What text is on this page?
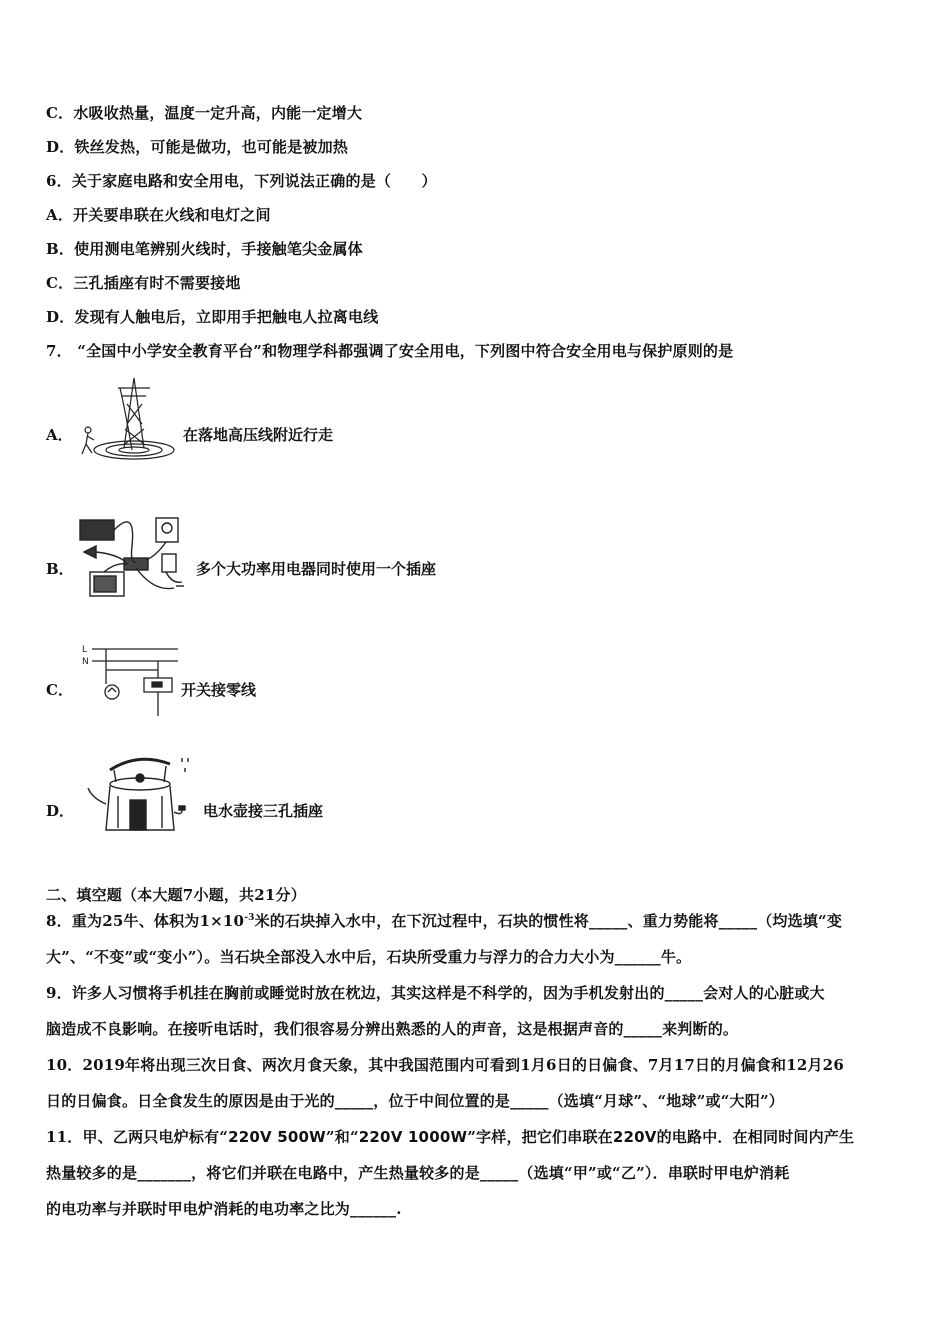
C．水吸收热量，温度一定升高，内能一定增大
D．铁丝发热，可能是做功，也可能是被加热
6．关于家庭电路和安全用电，下列说法正确的是（　　）
A．开关要串联在火线和电灯之间
B．使用测电笔辨别火线时，手接触笔尖金属体
C．三孔插座有时不需要接地
D．发现有人触电后，立即用手把触电人拉离电线
7． “全国中小学安全教育平台”和物理学科都强调了安全用电，下列图中符合安全用电与保护原则的是
A．	在落地高压线附近行走
B．	多个大功率用电器同时使用一个插座
C．
L
N
开关接零线
D．	电水壶接三孔插座
二、填空题（本大题7小题，共21分）
8．重为25牛、体积为$1\times 10^{-3}$米的石块掉入水中，在下沉过程中，石块的惯性将_____、重力势能将_____（均选填“变
大”、“不变”或“变小”）。当石块全部没入水中后，石块所受重力与浮力的合力大小为______牛。
9．许多人习惯将手机挂在胸前或睡觉时放在枕边，其实这样是不科学的，因为手机发射出的_____会对人的心脏或大
脑造成不良影响。在接听电话时，我们很容易分辨出熟悉的人的声音，这是根据声音的_____来判断的。
10．2019年将出现三次日食、两次月食天象，其中我国范围内可看到1月6日的日偏食、7月17日的月偏食和12月26
日的日偏食。日全食发生的原因是由于光的_____，位于中间位置的是_____（选填“月球”、“地球”或“大阳”）
11．甲、乙两只电炉标有“220V 500W”和“220V 1000W”字样，把它们串联在220V的电路中．在相同时间内产生
热量较多的是_______，将它们并联在电路中，产生热量较多的是_____（选填“甲”或“乙”）．串联时甲电炉消耗
的电功率与并联时甲电炉消耗的电功率之比为______.
